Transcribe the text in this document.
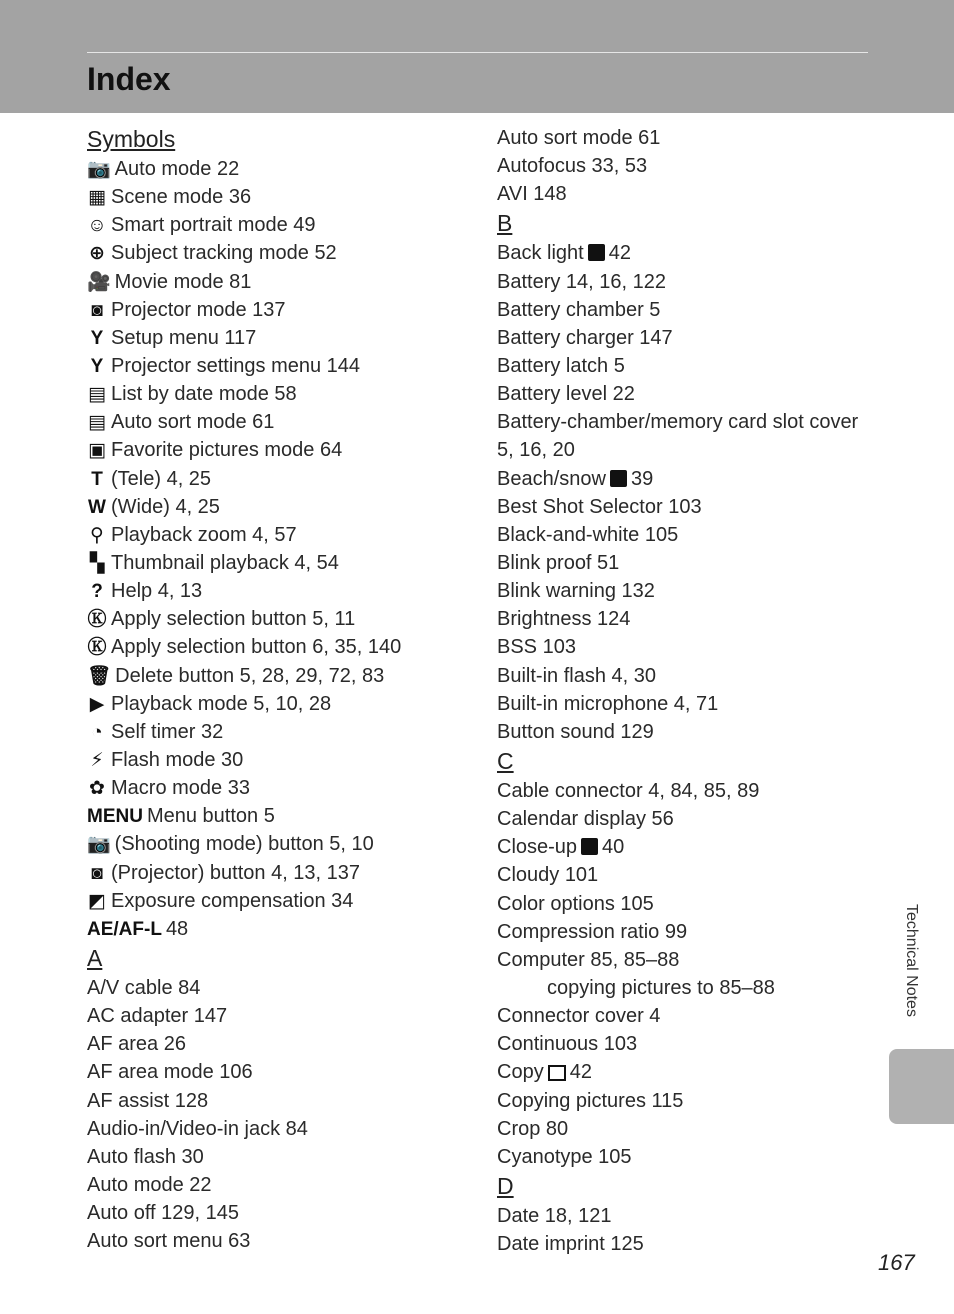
Index
Symbols
📷 Auto mode 22
▦ Scene mode 36
☺ Smart portrait mode 49
⊕ Subject tracking mode 52
🎥 Movie mode 81
◙ Projector mode 137
Y Setup menu 117
Y Projector settings menu 144
▤ List by date mode 58
▤ Auto sort mode 61
▣ Favorite pictures mode 64
T (Tele) 4, 25
W (Wide) 4, 25
⚲ Playback zoom 4, 57
▚ Thumbnail playback 4, 54
? Help 4, 13
Ⓚ Apply selection button 5, 11
Ⓚ Apply selection button 6, 35, 140
🗑 Delete button 5, 28, 29, 72, 83
▶ Playback mode 5, 10, 28
◔ Self timer 32
⚡ Flash mode 30
✿ Macro mode 33
MENU Menu button 5
📷 (Shooting mode) button 5, 10
◙ (Projector) button 4, 13, 137
◩ Exposure compensation 34
AE/AF-L 48
A
A/V cable 84
AC adapter 147
AF area 26
AF area mode 106
AF assist 128
Audio-in/Video-in jack 84
Auto flash 30
Auto mode 22
Auto off 129, 145
Auto sort menu 63
Auto sort mode 61
Autofocus 33, 53
AVI 148
B
Back light 42
Battery 14, 16, 122
Battery chamber 5
Battery charger 147
Battery latch 5
Battery level 22
Battery-chamber/memory card slot cover
5, 16, 20
Beach/snow 39
Best Shot Selector 103
Black-and-white 105
Blink proof 51
Blink warning 132
Brightness 124
BSS 103
Built-in flash 4, 30
Built-in microphone 4, 71
Button sound 129
C
Cable connector 4, 84, 85, 89
Calendar display 56
Close-up 40
Cloudy 101
Color options 105
Compression ratio 99
Computer 85, 85–88
copying pictures to 85–88
Connector cover 4
Continuous 103
Copy 42
Copying pictures 115
Crop 80
Cyanotype 105
D
Date 18, 121
Date imprint 125
Technical Notes
167
